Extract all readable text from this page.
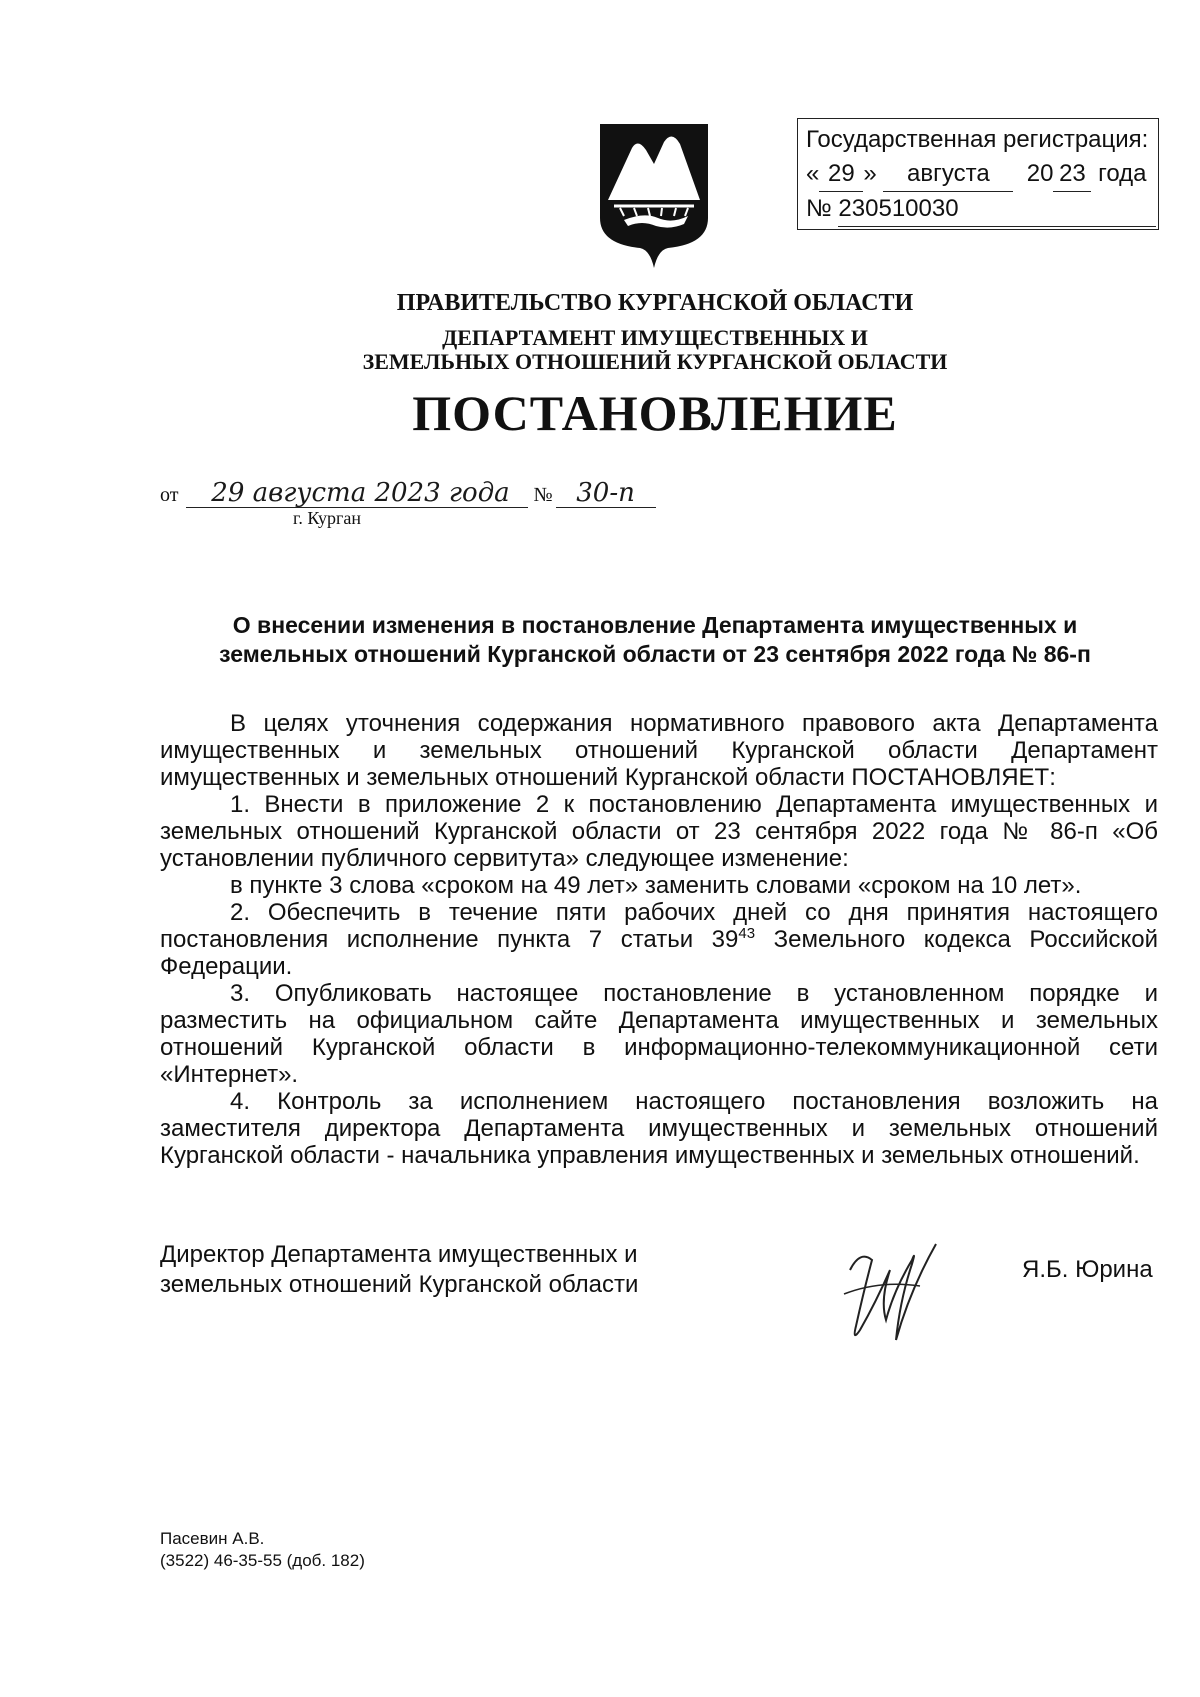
Государственная регистрация:
« 29 » августа 20 23 года
№ 230510030
ПРАВИТЕЛЬСТВО КУРГАНСКОЙ ОБЛАСТИ
ДЕПАРТАМЕНТ ИМУЩЕСТВЕННЫХ И
ЗЕМЕЛЬНЫХ ОТНОШЕНИЙ КУРГАНСКОЙ ОБЛАСТИ
ПОСТАНОВЛЕНИЕ
от 29 августа 2023 года № 30-п
г. Курган
О внесении изменения в постановление Департамента имущественных и
земельных отношений Курганской области от 23 сентября 2022 года № 86-п

В целях уточнения содержания нормативного правового акта Департамента имущественных и земельных отношений Курганской области Департамент имущественных и земельных отношений Курганской области ПОСТАНОВЛЯЕТ:

1. Внести в приложение 2 к постановлению Департамента имущественных и земельных отношений Курганской области от 23 сентября 2022 года № 86-п «Об установлении публичного сервитута» следующее изменение:

в пункте 3 слова «сроком на 49 лет» заменить словами «сроком на 10 лет».

2. Обеспечить в течение пяти рабочих дней со дня принятия настоящего постановления исполнение пункта 7 статьи $39^{43}$ Земельного кодекса Российской Федерации.

3. Опубликовать настоящее постановление в установленном порядке и разместить на официальном сайте Департамента имущественных и земельных отношений Курганской области в информационно-телекоммуникационной сети «Интернет».

4. Контроль за исполнением настоящего постановления возложить на заместителя директора Департамента имущественных и земельных отношений Курганской области - начальника управления имущественных и земельных отношений.

Директор Департамента имущественных и
земельных отношений Курганской области
Я.Б. Юрина
Пасевин А.В.
(3522) 46-35-55 (доб. 182)
